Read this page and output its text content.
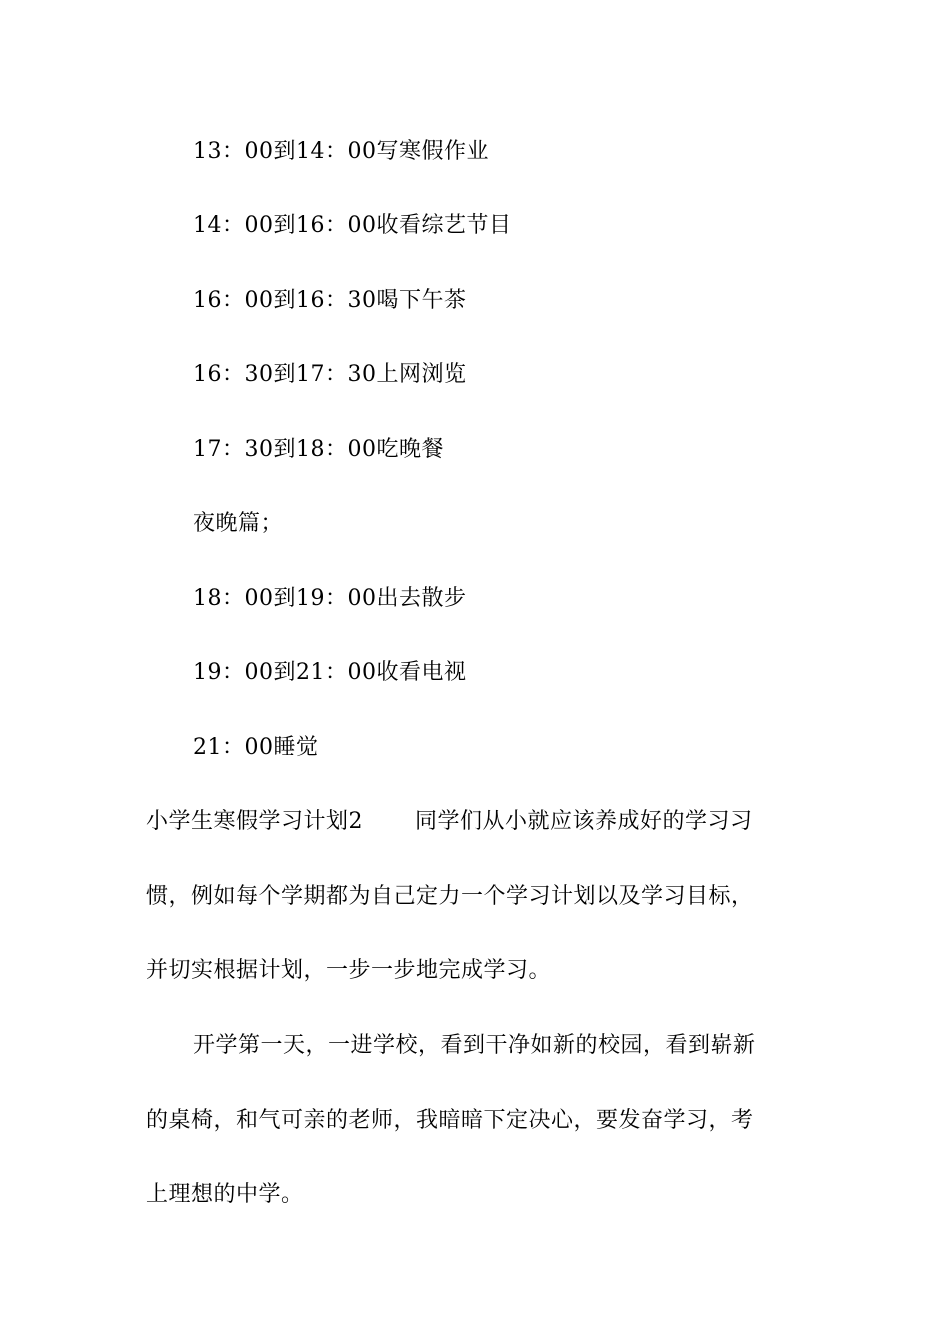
13：00到14：00写寒假作业
14：00到16：00收看综艺节目
16：00到16：30喝下午茶
16：30到17：30上网浏览
17：30到18：00吃晚餐
夜晚篇；
18：00到19：00出去散步
19：00到21：00收看电视
21：00睡觉
小学生寒假学习计划2 同学们从小就应该养成好的学习习
惯，例如每个学期都为自己定力一个学习计划以及学习目标，
并切实根据计划，一步一步地完成学习。
开学第一天，一进学校，看到干净如新的校园，看到崭新
的桌椅，和气可亲的老师，我暗暗下定决心，要发奋学习，考
上理想的中学。
